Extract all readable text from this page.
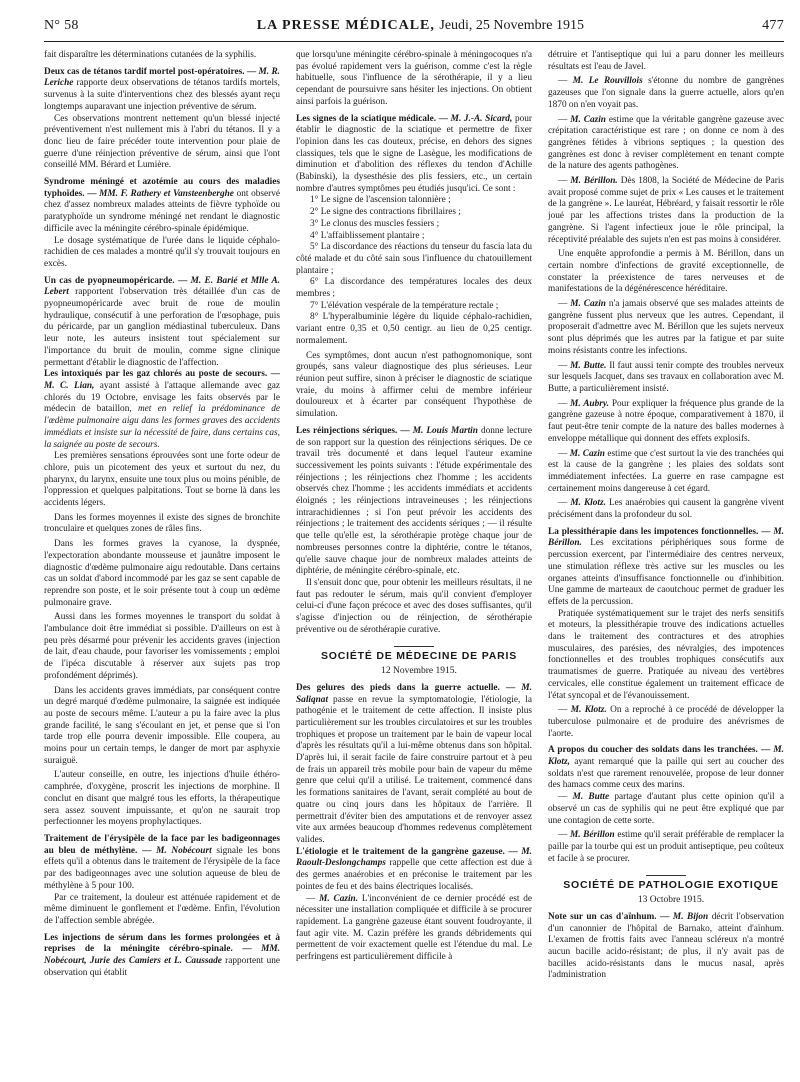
N° 58	LA PRESSE MÉDICALE, Jeudi, 25 Novembre 1915	477

fait disparaître les déterminations cutanées de la syphilis.

Deux cas de tétanos tardif mortel post-opératoires. — M. R. Leriche rapporte deux observations de tétanos tardifs mortels, survenus à la suite d'interventions chez des blessés ayant reçu longtemps auparavant une injection préventive de sérum.

Ces observations montrent nettement qu'un blessé injecté préventivement n'est nullement mis à l'abri du tétanos. Il y a donc lieu de faire précéder toute intervention pour plaie de guerre d'une réinjection préventive de sérum, ainsi que l'ont conseillé MM. Bérard et Lumière.

Syndrome méningé et azotémie au cours des maladies typhoïdes. — MM. F. Rathery et Vansteenberghe ont observé chez d'assez nombreux malades atteints de fièvre typhoïde ou paratyphoïde un syndrome méningé net rendant le diagnostic difficile avec la méningite cérébro-spinale épidémique.

Le dosage systématique de l'urée dans le liquide céphalo-rachidien de ces malades a montré qu'il s'y trouvait toujours en excès.

Un cas de pyopneumopéricarde. — M. E. Barié et Mlle A. Lebert rapportent l'observation très détaillée d'un cas de pyopneumopéricarde avec bruit de roue de moulin hydraulique, consécutif à une perforation de l'œsophage, puis du péricarde, par un ganglion médiastinal tuberculeux. Dans leur note, les auteurs insistent tout spécialement sur l'importance du bruit de moulin, comme signe clinique permettant d'établir le diagnostic de l'affection.

Les intoxiqués par les gaz chlorés au poste de secours. — M. C. Lian, ayant assisté à l'attaque allemande avec gaz chlorés du 19 Octobre, envisage les faits observés par le médecin de bataillon, met en relief la prédominance de l'œdème pulmonaire aigu dans les formes graves des accidents immédiats et insiste sur la nécessité de faire, dans certains cas, la saignée au poste de secours.

Les premières sensations éprouvées sont une forte odeur de chlore, puis un picotement des yeux et surtout du nez, du pharynx, du larynx, ensuite une toux plus ou moins pénible, de l'oppression et quelques palpitations. Tout se borne là dans les accidents légers.

Dans les formes moyennes il existe des signes de bronchite tronculaire et quelques zones de râles fins.

Dans les formes graves la cyanose, la dyspnée, l'expectoration abondante mousseuse et jaunâtre imposent le diagnostic d'œdème pulmonaire aigu redoutable. Dans certains cas un soldat d'abord incommodé par les gaz se sent capable de reprendre son poste, et le soir présente tout à coup un œdème pulmonaire grave.

Aussi dans les formes moyennes le transport du soldat à l'ambulance doit être immédiat si possible. D'ailleurs on est à peu près désarmé pour prévenir les accidents graves (injection de lait, d'eau chaude, pour favoriser les vomissements ; emploi de l'ipéca discutable à réserver aux sujets pas trop profondément déprimés).

Dans les accidents graves immédiats, par conséquent contre un degré marqué d'œdème pulmonaire, la saignée est indiquée au poste de secours même. L'auteur a pu la faire avec la plus grande facilité, le sang s'écoulant en jet, et pense que si l'on tarde trop elle pourra devenir impossible. Elle coupera, au moins pour un certain temps, le danger de mort par asphyxie suraiguë.

L'auteur conseille, en outre, les injections d'huile éthéro-camphrée, d'oxygène, proscrit les injections de morphine. Il conclut en disant que malgré tous les efforts, la thérapeutique sera assez souvent impuissante, et qu'on ne saurait trop perfectionner les moyens prophylactiques.

Traitement de l'érysipèle de la face par les badigeonnages au bleu de méthylène. — M. Nobécourt signale les bons effets qu'il a obtenus dans le traitement de l'érysipèle de la face par des badigeonnages avec une solution aqueuse de bleu de méthylène à 5 pour 100.

Par ce traitement, la douleur est atténuée rapidement et de même diminuent le gonflement et l'œdème. Enfin, l'évolution de l'affection semble abrégée.

Les injections de sérum dans les formes prolongées et à reprises de la méningite cérébro-spinale. — MM. Nobécourt, Jurie des Camiers et L. Caussade rapportent une observation qui établit

que lorsqu'une méningite cérébro-spinale à méningocoques n'a pas évolué rapidement vers la guérison, comme c'est la règle habituelle, sous l'influence de la sérothérapie, il y a lieu cependant de poursuivre sans hésiter les injections. On obtient ainsi parfois la guérison.

Les signes de la sciatique médicale. — M. J.-A. Sicard, pour établir le diagnostic de la sciatique et permettre de fixer l'opinion dans les cas douteux, précise, en dehors des signes classiques, tels que le signe de Lasègue, les modifications de diminution et d'abolition des réflexes du tendon d'Achille (Babinski), la dysesthésie des plis fessiers, etc., un certain nombre d'autres symptômes peu étudiés jusqu'ici. Ce sont :

1° Le signe de l'ascension talonnière ;

2° Le signe des contractions fibrillaires ;

3° Le clonus des muscles fessiers ;

4° L'affaiblissement plantaire ;

5° La discordance des réactions du tenseur du fascia lata du côté malade et du côté sain sous l'influence du chatouillement plantaire ;

6° La discordance des températures locales des deux membres ;

7° L'élévation vespérale de la température rectale ;

8° L'hyperalbuminie légère du liquide céphalo-rachidien, variant entre 0,35 et 0,50 centigr. au lieu de 0,25 centigr. normalement.

Ces symptômes, dont aucun n'est pathognomonique, sont groupés, sans valeur diagnostique des plus sérieuses. Leur réunion peut suffire, sinon à préciser le diagnostic de sciatique vraie, du moins à affirmer celui de membre inférieur douloureux et à écarter par conséquent l'hypothèse de simulation.

Les réinjections sériques. — M. Louis Martin donne lecture de son rapport sur la question des réinjections sériques. De ce travail très documenté et dans lequel l'auteur examine successivement les points suivants : l'étude expérimentale des réinjections ; les réinjections chez l'homme ; les accidents observés chez l'homme ; les accidents immédiats et accidents éloignés ; les réinjections intraveineuses ; les réinjections intrarachidiennes ; si l'on peut prévoir les accidents des réinjections ; le traitement des accidents sériques ; — il résulte que telle qu'elle est, la sérothérapie protège chaque jour de nombreuses personnes contre la diphtérie, contre le tétanos, qu'elle sauve chaque jour de nombreux malades atteints de diphtérie, de méningite cérébro-spinale, etc.

Il s'ensuit donc que, pour obtenir les meilleurs résultats, il ne faut pas redouter le sérum, mais qu'il convient d'employer celui-ci d'une façon précoce et avec des doses suffisantes, qu'il s'agisse d'injection ou de réinjection, de sérothérapie préventive ou de sérothérapie curative.

SOCIÉTÉ DE MÉDECINE DE PARIS

12 Novembre 1915.

Des gelures des pieds dans la guerre actuelle. — M. Saliqnat passe en revue la symptomatologie, l'étiologie, la pathogénie et le traitement de cette affection. Il insiste plus particulièrement sur les troubles circulatoires et sur les troubles trophiques et propose un traitement par le bain de vapeur local d'après les résultats qu'il a lui-même obtenus dans son hôpital. D'après lui, il serait facile de faire construire partout et à peu de frais un appareil très mobile pour bain de vapeur du même genre que celui qu'il a utilisé. Le traitement, commencé dans les formations sanitaires de l'avant, serait complété au bout de quatre ou cinq jours dans les hôpitaux de l'arrière. Il permettrait d'éviter bien des amputations et de renvoyer assez vite aux armées beaucoup d'hommes redevenus complètement valides.

L'étiologie et le traitement de la gangrène gazeuse. — M. Raoult-Deslongchamps rappelle que cette affection est due à des germes anaérobies et en préconise le traitement par les pointes de feu et des bains électriques localisés.

— M. Cazin. L'inconvénient de ce dernier procédé est de nécessiter une installation compliquée et difficile à se procurer rapidement. La gangrène gazeuse étant souvent foudroyante, il faut agir vite. M. Cazin préfère les grands débridements qui permettent de voir exactement quelle est l'étendue du mal. Le perfringens est particulièrement difficile à

détruire et l'antiseptique qui lui a paru donner les meilleurs résultats est l'eau de Javel.

— M. Le Rouvillois s'étonne du nombre de gangrènes gazeuses que l'on signale dans la guerre actuelle, alors qu'en 1870 on n'en voyait pas.

— M. Cazin estime que la véritable gangrène gazeuse avec crépitation caractéristique est rare ; on donne ce nom à des gangrènes fétides à vibrions septiques ; la question des gangrènes est donc à reviser complètement en tenant compte de la nature des agents pathogènes.

— M. Bérillon. Dès 1808, la Société de Médecine de Paris avait proposé comme sujet de prix « Les causes et le traitement de la gangrène ». Le lauréat, Hébréard, y faisait ressortir le rôle joué par les affections tristes dans la production de la gangrène. Si l'agent infectieux joue le rôle principal, la réceptivité préalable des sujets n'en est pas moins à considérer.

Une enquête approfondie a permis à M. Bérillon, dans un certain nombre d'infections de gravité exceptionnelle, de constater la préexistence de tares nerveuses et de manifestations de la dégénérescence héréditaire.

— M. Cazin n'a jamais observé que ses malades atteints de gangrène fussent plus nerveux que les autres. Cependant, il proposerait d'admettre avec M. Bérillon que les sujets nerveux sont plus déprimés que les autres par la fatigue et par suite moins résistants contre les infections.

— M. Butte. Il faut aussi tenir compte des troubles nerveux sur lesquels Jacquet, dans ses travaux en collaboration avec M. Butte, a particulièrement insisté.

— M. Aubry. Pour expliquer la fréquence plus grande de la gangrène gazeuse à notre époque, comparativement à 1870, il faut peut-être tenir compte de la nature des balles modernes à enveloppe métallique qui donnent des effets explosifs.

— M. Cazin estime que c'est surtout la vie des tranchées qui est la cause de la gangrène ; les plaies des soldats sont immédiatement infectées. La guerre en rase campagne est certainement moins dangereuse à cet égard.

— M. Klotz. Les anaérobies qui causent la gangrène vivent précisément dans la profondeur du sol.

La plessithérapie dans les impotences fonctionnelles. — M. Bérillon. Les excitations périphériques sous forme de percussion exercent, par l'intermédiaire des centres nerveux, une stimulation réflexe très active sur les muscles ou les organes atteints d'insuffisance fonctionnelle ou d'inhibition. Une gamme de marteaux de caoutchouc permet de graduer les effets de la percussion.

Pratiquée systématiquement sur le trajet des nerfs sensitifs et moteurs, la plessithérapie trouve des indications actuelles dans le traitement des contractures et des atrophies musculaires, des parésies, des névralgies, des impotences fonctionnelles et des troubles trophiques consécutifs aux traumatismes de guerre. Pratiquée au niveau des vertèbres cervicales, elle constitue également un traitement efficace de l'état syncopal et de l'évanouissement.

— M. Klotz. On a reproché à ce procédé de développer la tuberculose pulmonaire et de produire des anévrismes de l'aorte.

A propos du coucher des soldats dans les tranchées. — M. Klotz, ayant remarqué que la paille qui sert au coucher des soldats n'est que rarement renouvelée, propose de leur donner des hamacs comme ceux des marins.

— M. Butte partage d'autant plus cette opinion qu'il a observé un cas de syphilis qui ne peut être expliqué que par une contagion de cette sorte.

— M. Bérillon estime qu'il serait préférable de remplacer la paille par la tourbe qui est un produit antiseptique, peu coûteux et facile à se procurer.

SOCIÉTÉ DE PATHOLOGIE EXOTIQUE

13 Octobre 1915.

Note sur un cas d'aïnhum. — M. Bijon décrit l'observation d'un canonnier de l'hôpital de Barnako, atteint d'aïnhum. L'examen de frottis faits avec l'anneau scléreux n'a montré aucun bacille acido-résistant; de plus, il n'y avait pas de bacilles acido-résistants dans le mucus nasal, après l'administration
